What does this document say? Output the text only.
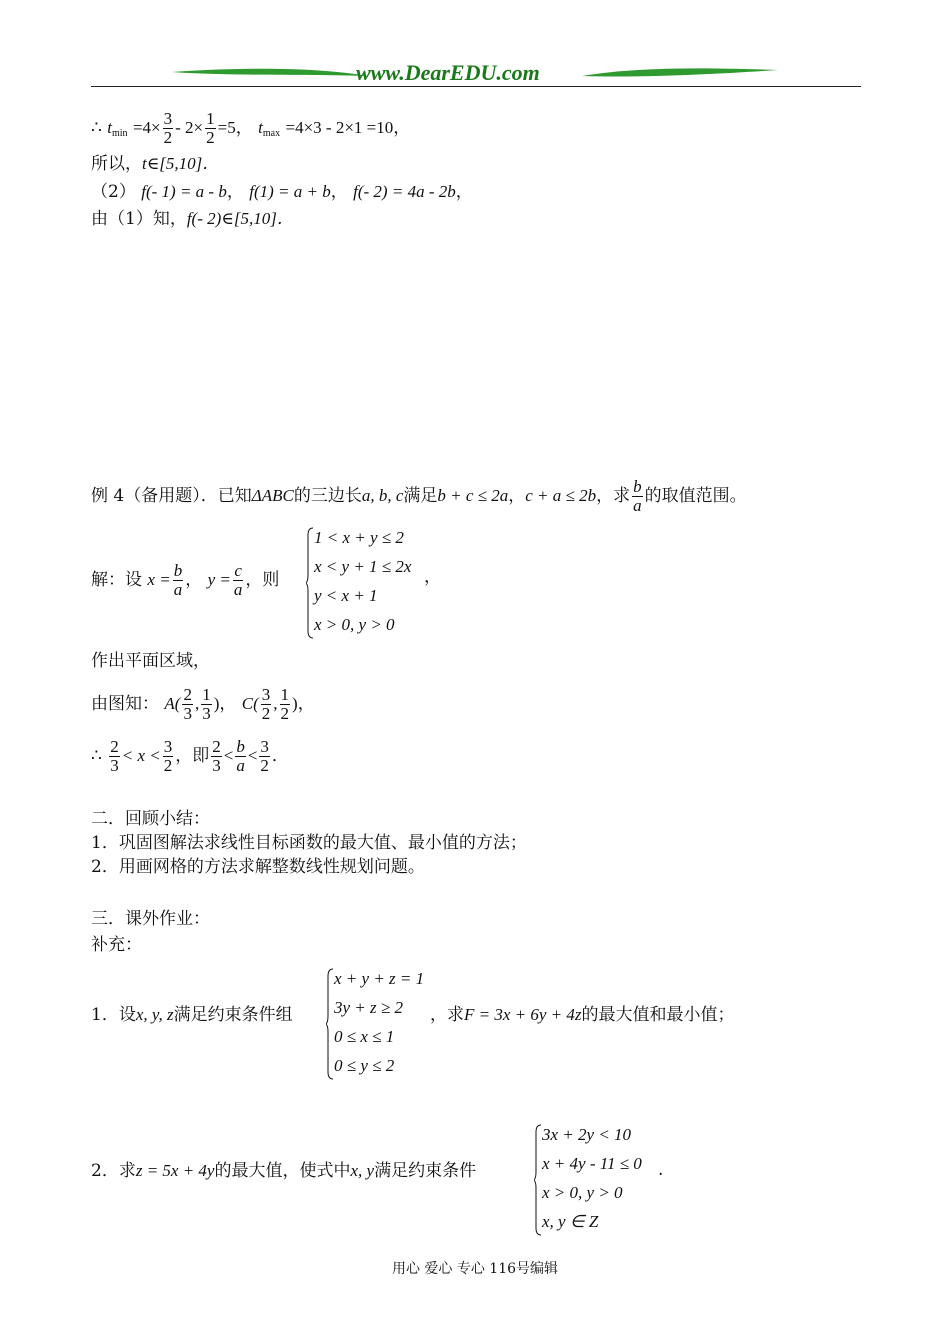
www.DearEDU.com
∴ $t_{min} =4\times \frac{3}{2} - 2\times \frac{1}{2} =5$， $t_{max} =4\times 3 - 2\times 1 =10$，
所以，t∈[5,10]．
（2） f(- 1) = a - b， f(1) = a + b， f(- 2) = 4a - 2b，
由（1）知，f(- 2)∈[5,10]．
例 4（备用题）．已知ΔABC的三边长a, b, c满足b + c ≤ 2a，c + a ≤ 2b，求 $\frac{b}{a}$ 的取值范围。
解：设 $x = \frac{b}{a}$ ， $y = \frac{c}{a}$ ，则
1 < x + y ≤ 2
x < y + 1 ≤ 2x
y < x + 1
x > 0, y > 0
，
作出平面区域，
由图知： $A( \frac{2}{3}$ , $\frac{1}{3}$ )， $C( \frac{3}{2}$ , $\frac{1}{2}$ )，
∴ $\frac{2}{3} < x < \frac{3}{2}$ ，即 $\frac{2}{3} < \frac{b}{a} < \frac{3}{2}$ ．
二．回顾小结：
1．巩固图解法求线性目标函数的最大值、最小值的方法；
2．用画网格的方法求解整数线性规划问题。
三．课外作业：
补充：
1．设x, y, z满足约束条件组
x + y + z = 1
3y + z ≥ 2
0 ≤ x ≤ 1
0 ≤ y ≤ 2
，求F = 3x + 6y + 4z的最大值和最小值；
2．求z = 5x + 4y的最大值，使式中x, y满足约束条件
3x + 2y < 10
x + 4y - 11 ≤ 0
x > 0, y > 0
x, y ∈ Z
.
用心 爱心 专心 116号编辑
